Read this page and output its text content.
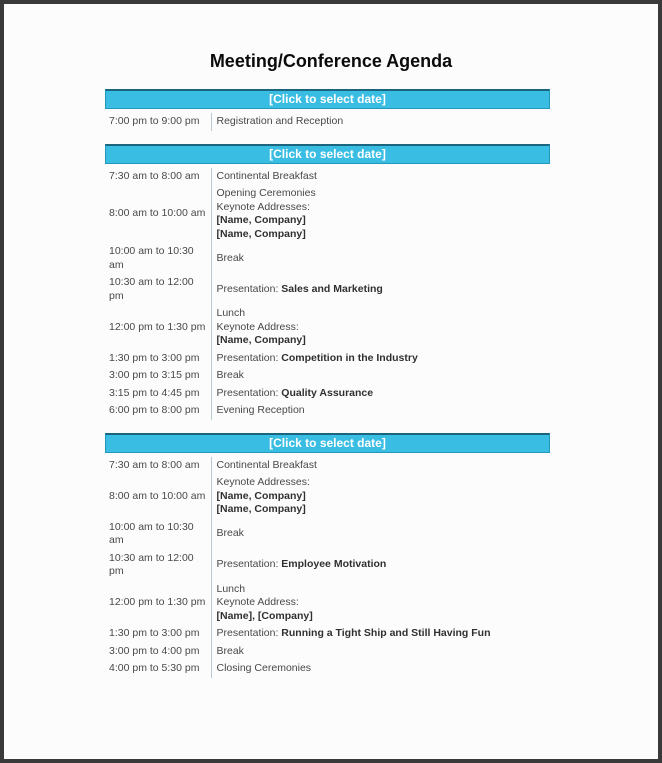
Meeting/Conference Agenda
[Click to select date]
7:00 pm to 9:00 pm	Registration and Reception
[Click to select date]
7:30 am to 8:00 am	Continental Breakfast

8:00 am to 10:00 am	Opening Ceremonies
Keynote Addresses:
[Name, Company]
[Name, Company]

10:00 am to 10:30 am	Break

10:30 am to 12:00 pm	Presentation: Sales and Marketing

12:00 pm to 1:30 pm	Lunch
Keynote Address:
[Name, Company]

1:30 pm to 3:00 pm	Presentation: Competition in the Industry

3:00 pm to 3:15 pm	Break

3:15 pm to 4:45 pm	Presentation: Quality Assurance

6:00 pm to 8:00 pm	Evening Reception
[Click to select date]
7:30 am to 8:00 am	Continental Breakfast

8:00 am to 10:00 am	Keynote Addresses:
[Name, Company]
[Name, Company]

10:00 am to 10:30 am	Break

10:30 am to 12:00 pm	Presentation: Employee Motivation

12:00 pm to 1:30 pm	Lunch
Keynote Address:
[Name], [Company]

1:30 pm to 3:00 pm	Presentation: Running a Tight Ship and Still Having Fun

3:00 pm to 4:00 pm	Break

4:00 pm to 5:30 pm	Closing Ceremonies
